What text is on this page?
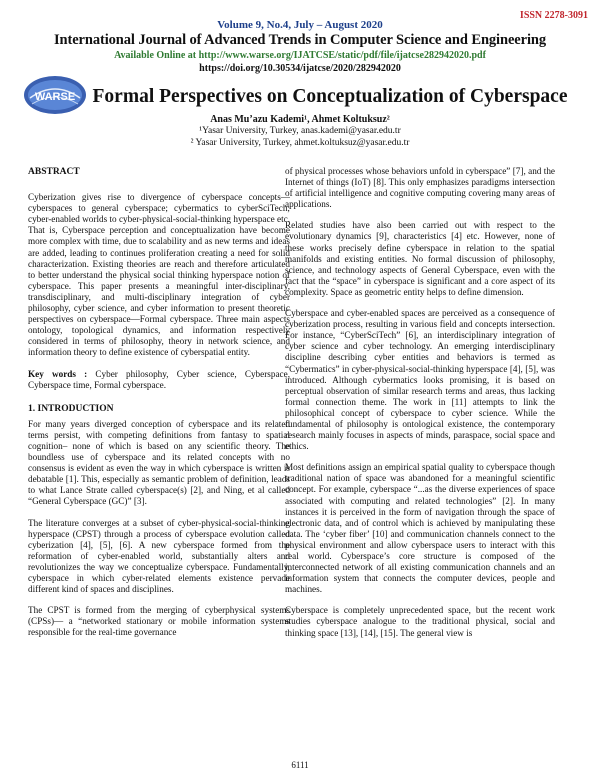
ISSN 2278-3091
Volume 9, No.4, July – August 2020
International Journal of Advanced Trends in Computer Science and Engineering
Available Online at http://www.warse.org/IJATCSE/static/pdf/file/ijatcse282942020.pdf
https://doi.org/10.30534/ijatcse/2020/282942020
WARSE Formal Perspectives on Conceptualization of Cyberspace
Anas Mu’azu Kademi¹, Ahmet Koltuksuz²
¹Yasar University, Turkey, anas.kademi@yasar.edu.tr
² Yasar University, Turkey, ahmet.koltuksuz@yasar.edu.tr
ABSTRACT

Cyberization gives rise to divergence of cyberspace concepts—cyberspaces to general cyberspace; cybermatics to cyberSciTech; cyber-enabled worlds to cyber-physical-social-thinking hyperspace etc. That is, Cyberspace perception and conceptualization have become more complex with time, due to scalability and as new terms and ideas are added, leading to continues proliferation creating a need for solid characterization. Existing theories are reach and therefore articulated to better understand the physical social thinking hyperspace notion of cyberspace. This paper presents a meaningful inter-disciplinary, transdisciplinary, and multi-disciplinary integration of cyber philosophy, cyber science, and cyber information to present theoretic perspectives on cyberspace—Formal cyberspace. Three main aspects ontology, topological dynamics, and information respectively considered in terms of philosophy, theory in network science, and information theory to define existence of cyberspatial entity.

Key words : Cyber philosophy, Cyber science, Cyberspace, Cyberspace time, Formal cyberspace.

1. INTRODUCTION

For many years diverged conception of cyberspace and its related terms persist, with competing definitions from fantasy to spatial cognition– none of which is based on any scientific theory. The boundless use of cyberspace and its related concepts with no consensus is evident as even the way in which cyberspace is written is debatable [1]. This, especially as semantic problem of definition, leads to what Lance Strate called cyberspace(s) [2], and Ning, et al called “General Cyberspace (GC)” [3].

The literature converges at a subset of cyber-physical-social-thinking hyperspace (CPST) through a process of cyberspace evolution called cyberization [4], [5], [6]. A new cyberspace formed from the reformation of cyber-enabled world, substantially alters and revolutionizes the way we conceptualize cyberspace. Fundamentally, cyberspace in which cyber-related elements existence pervade different kind of spaces and disciplines.

The CPST is formed from the merging of cyberphysical systems (CPSs)— a “networked stationary or mobile information systems responsible for the real-time governance

of physical processes whose behaviors unfold in cyberspace” [7], and the Internet of things (IoT) [8]. This only emphasizes paradigms intersection of artificial intelligence and cognitive computing covering many areas of applications.

Related studies have also been carried out with respect to the evolutionary dynamics [9], characteristics [4] etc. However, none of these works precisely define cyberspace in relation to the spatial manifolds and existing entities. No formal discussion of philosophy, science, and technology aspects of General Cyberspace, even with the fact that the “space” in cyberspace is significant and a core aspect of its complexity. Space as geometric entity helps to define dimension.

Cyberspace and cyber-enabled spaces are perceived as a consequence of cyberization process, resulting in various field and concepts intersection. For instance, “CyberSciTech” [6], an interdisciplinary integration of cyber science and cyber technology. An emerging interdisciplinary discipline describing cyber entities and behaviors is termed as “Cybermatics” in cyber-physical-social-thinking hyperspace [4], [5], was introduced. Although cybermatics looks promising, it is based on perceptual observation of similar research terms and areas, thus lacking formal connection theme. The work in [11] attempts to link the philosophical concept of cyberspace to cyber science. While the fundamental of philosophy is ontological existence, the contemporary research mainly focuses in aspects of minds, paraspace, social space and ethics.

Most definitions assign an empirical spatial quality to cyberspace though traditional nation of space was abandoned for a meaningful scientific concept. For example, cyberspace “...as the diverse experiences of space associated with computing and related technologies” [2]. In many instances it is perceived in the form of navigation through the space of electronic data, and of control which is achieved by manipulating these data. The ‘cyber fiber’ [10] and communication channels connect to the physical environment and allow cyberspace users to interact with this real world. Cyberspace’s core structure is composed of the interconnected network of all existing communication channels and an information system that connects the computer devices, people and machines.

Cyberspace is completely unprecedented space, but the recent work studies cyberspace analogue to the traditional physical, social and thinking space [13], [14], [15]. The general view is

6111
